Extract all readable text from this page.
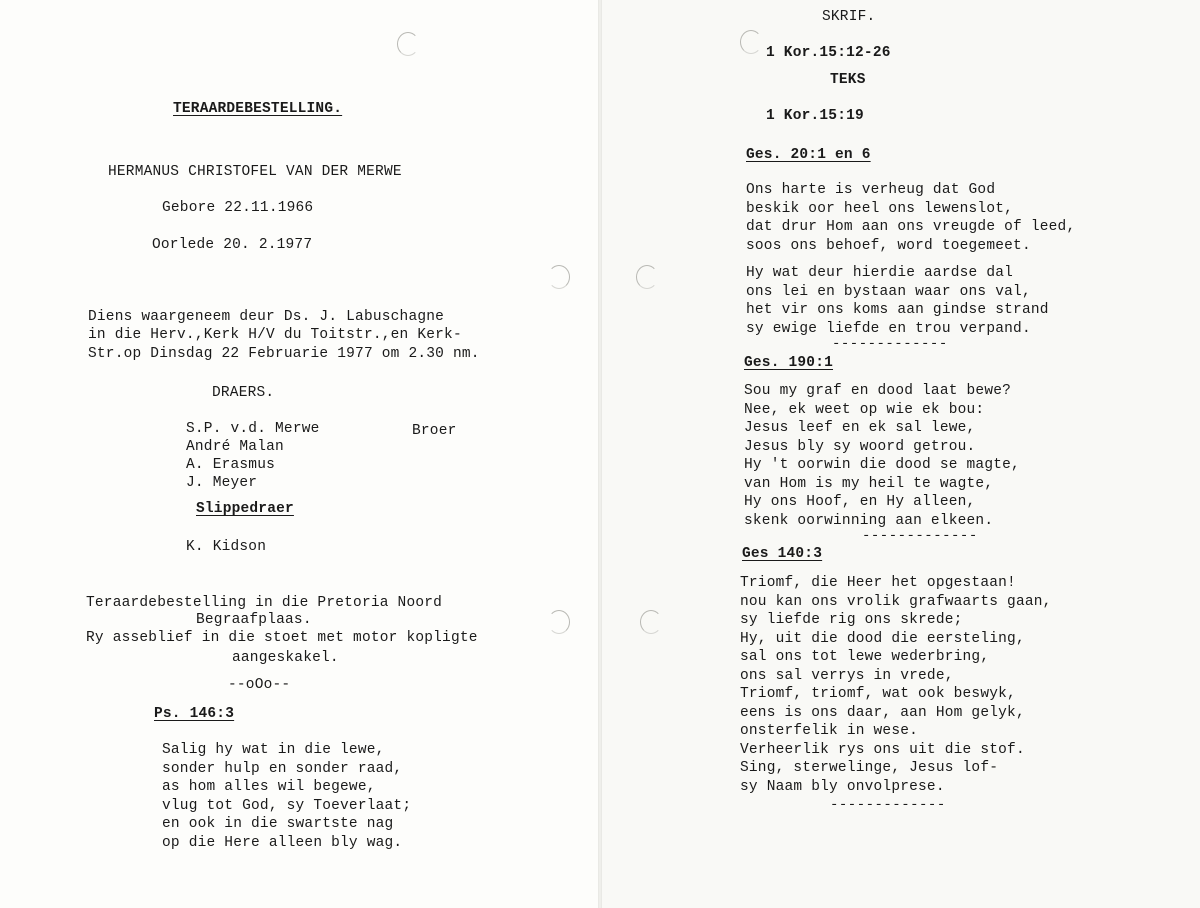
TERAARDEBESTELLING.
HERMANUS CHRISTOFEL VAN DER MERWE
Gebore 22.11.1966
Oorlede 20. 2.1977
Diens waargeneem deur Ds. J. Labuschagne
in die Herv.,Kerk H/V du Toitstr.,en Kerk-
Str.op Dinsdag 22 Februarie 1977 om 2.30 nm.
DRAERS.
S.P. v.d. Merwe	Broer
André Malan
A. Erasmus
J. Meyer
Slippedraer
K. Kidson
Teraardebestelling in die Pretoria Noord
Begraafplaas.
Ry asseblief in die stoet met motor kopligte
aangeskakel.
--oOo--
Ps. 146:3
Salig hy wat in die lewe,
sonder hulp en sonder raad,
as hom alles wil begewe,
vlug tot God, sy Toeverlaat;
en ook in die swartste nag
op die Here alleen bly wag.
SKRIF.
1 Kor.15:12-26
TEKS
1 Kor.15:19
Ges. 20:1 en 6
Ons harte is verheug dat God
beskik oor heel ons lewenslot,
dat drur Hom aan ons vreugde of leed,
soos ons behoef, word toegemeet.
Hy wat deur hierdie aardse dal
ons lei en bystaan waar ons val,
het vir ons koms aan gindse strand
sy ewige liefde en trou verpand.
-------------
Ges. 190:1
Sou my graf en dood laat bewe?
Nee, ek weet op wie ek bou:
Jesus leef en ek sal lewe,
Jesus bly sy woord getrou.
Hy 't oorwin die dood se magte,
van Hom is my heil te wagte,
Hy ons Hoof, en Hy alleen,
skenk oorwinning aan elkeen.
-------------
Ges 140:3
Triomf, die Heer het opgestaan!
nou kan ons vrolik grafwaarts gaan,
sy liefde rig ons skrede;
Hy, uit die dood die eersteling,
sal ons tot lewe wederbring,
ons sal verrys in vrede,
Triomf, triomf, wat ook beswyk,
eens is ons daar, aan Hom gelyk,
onsterfelik in wese.
Verheerlik rys ons uit die stof.
Sing, sterwelinge, Jesus lof-
sy Naam bly onvolprese.
-------------
